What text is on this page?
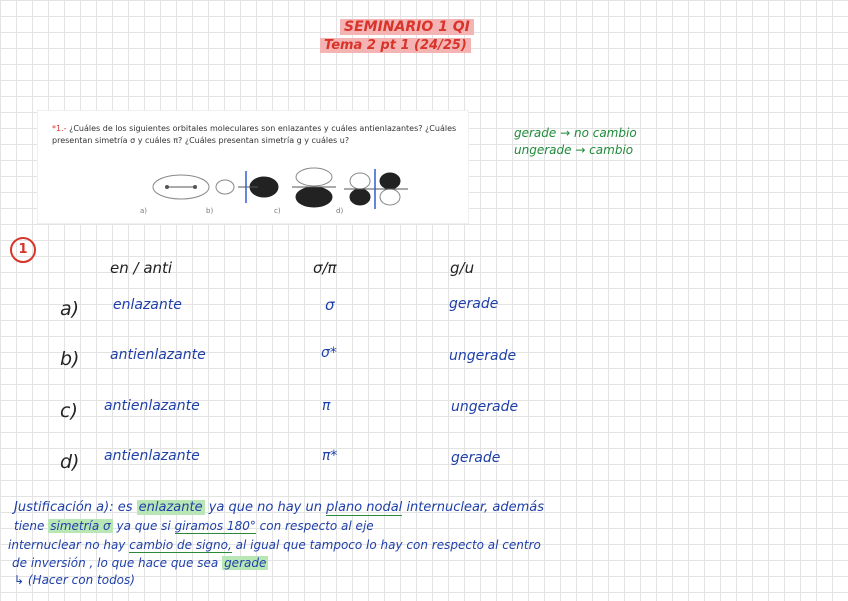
SEMINARIO 1 QI
Tema 2 pt 1 (24/25)
*1.- ¿Cuáles de los siguientes orbitales moleculares son enlazantes y cuáles antienlazantes? ¿Cuáles presentan simetría σ y cuáles π? ¿Cuáles presentan simetría g y cuáles u?
a)	b)	c)	d)
gerade → no cambio
ungerade → cambio
1
en / anti	σ/π	g/u
a) enlazante	σ	gerade
b) antienlazante	σ*	ungerade
c) antienlazante	π	ungerade
d) antienlazante	π*	gerade
Justificación a): es enlazante ya que no hay un plano nodal internuclear, además
tiene simetría σ ya que si giramos 180° con respecto al eje
internuclear no hay cambio de signo, al igual que tampoco lo hay con respecto al centro
de inversión , lo que hace que sea gerade
↳ (Hacer con todos)
